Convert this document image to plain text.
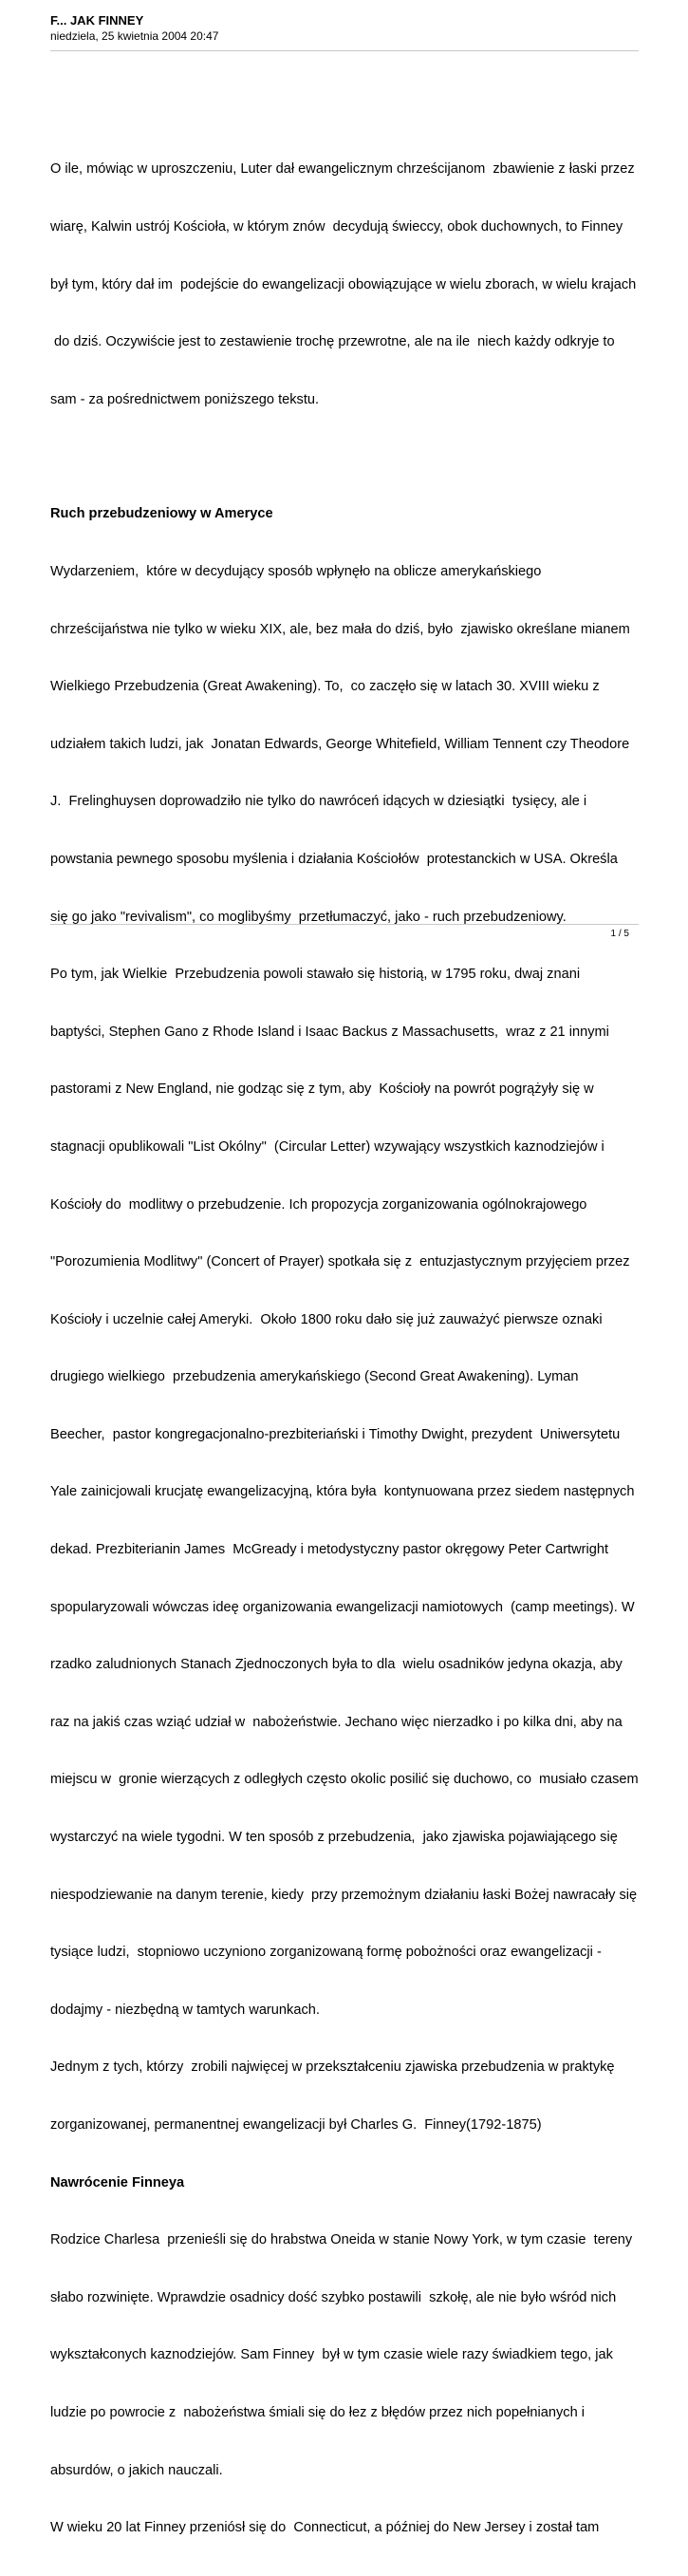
F... JAK FINNEY
niedziela, 25 kwietnia 2004 20:47

O ile, mówiąc w uproszczeniu, Luter dał ewangelicznym chrześcijanom  zbawienie z łaski przez

wiarę, Kalwin ustrój Kościoła, w którym znów  decydują świeccy, obok duchownych, to Finney

był tym, który dał im  podejście do ewangelizacji obowiązujące w wielu zborach, w wielu krajach

do dziś. Oczywiście jest to zestawienie trochę przewrotne, ale na ile  niech każdy odkryje to

sam - za pośrednictwem poniższego tekstu.

Ruch przebudzeniowy w Ameryce

Wydarzeniem,  które w decydujący sposób wpłynęło na oblicze amerykańskiego

chrześcijaństwa nie tylko w wieku XIX, ale, bez mała do dziś, było  zjawisko określane mianem

Wielkiego Przebudzenia (Great Awakening). To,  co zaczęło się w latach 30. XVIII wieku z

udziałem takich ludzi, jak  Jonatan Edwards, George Whitefield, William Tennent czy Theodore

J.  Frelinghuysen doprowadziło nie tylko do nawróceń idących w dziesiątki  tysięcy, ale i

powstania pewnego sposobu myślenia i działania Kościołów  protestanckich w USA. Określa

się go jako "revivalism", co moglibyśmy  przetłumaczyć, jako - ruch przebudzeniowy.

Po tym, jak Wielkie  Przebudzenia powoli stawało się historią, w 1795 roku, dwaj znani

baptyści, Stephen Gano z Rhode Island i Isaac Backus z Massachusetts,  wraz z 21 innymi

pastorami z New England, nie godząc się z tym, aby  Kościoły na powrót pogrążyły się w

stagnacji opublikowali "List Okólny"  (Circular Letter) wzywający wszystkich kaznodziejów i

Kościoły do  modlitwy o przebudzenie. Ich propozycja zorganizowania ogólnokrajowego

"Porozumienia Modlitwy" (Concert of Prayer) spotkała się z  entuzjastycznym przyjęciem przez

Kościoły i uczelnie całej Ameryki.  Około 1800 roku dało się już zauważyć pierwsze oznaki

drugiego wielkiego  przebudzenia amerykańskiego (Second Great Awakening). Lyman

Beecher,  pastor kongregacjonalno-prezbiteriański i Timothy Dwight, prezydent  Uniwersytetu

Yale zainicjowali krucjatę ewangelizacyjną, która była  kontynuowana przez siedem następnych

dekad. Prezbiterianin James  McGready i metodystyczny pastor okręgowy Peter Cartwright

spopularyzowali wówczas ideę organizowania ewangelizacji namiotowych  (camp meetings). W

rzadko zaludnionych Stanach Zjednoczonych była to dla  wielu osadników jedyna okazja, aby

raz na jakiś czas wziąć udział w  nabożeństwie. Jechano więc nierzadko i po kilka dni, aby na

miejscu w  gronie wierzących z odległych często okolic posilić się duchowo, co  musiało czasem

wystarczyć na wiele tygodni. W ten sposób z przebudzenia,  jako zjawiska pojawiającego się

niespodziewanie na danym terenie, kiedy  przy przemożnym działaniu łaski Bożej nawracały się

tysiące ludzi,  stopniowo uczyniono zorganizowaną formę pobożności oraz ewangelizacji -

dodajmy - niezbędną w tamtych warunkach.

Jednym z tych, którzy  zrobili najwięcej w przekształceniu zjawiska przebudzenia w praktykę

zorganizowanej, permanentnej ewangelizacji był Charles G.  Finney(1792-1875)

Nawrócenie Finneya

Rodzice Charlesa  przenieśli się do hrabstwa Oneida w stanie Nowy York, w tym czasie  tereny

słabo rozwinięte. Wprawdzie osadnicy dość szybko postawili  szkołę, ale nie było wśród nich

wykształconych kaznodziejów. Sam Finney  był w tym czasie wiele razy świadkiem tego, jak

ludzie po powrocie z  nabożeństwa śmiali się do łez z błędów przez nich popełnianych i

absurdów, o jakich nauczali.

W wieku 20 lat Finney przeniósł się do  Connecticut, a później do New Jersey i został tam

1 / 5
